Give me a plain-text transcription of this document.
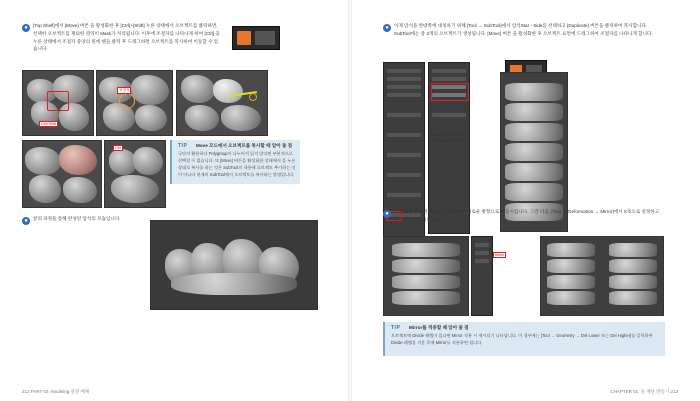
●	[Top Shelf]에서 [Move] 버튼 을 활성화한 후 [Ctrl]+[Shift] 누른 상태에서 오브젝트를 클릭하면, 선택한 오브젝트를 제외한 영역이 Mask가 처리됩니다. 이후에 조절자를 나타나게 하여 [Ctrl] 을 누른 상태에서 조절자 중앙의 원에 핸들 클릭 후 드래그하면 오브젝트를 복사하여 이동할 수 있습니다.
Ctrl+Shift
조절자
Ctrl	TIP Move 모드에서 오브젝트를 복사할 때 알아 둘 점
극단의 활용하다 Polygroup이 나누어져 있지 않다면 부분적으로 선택할 수 없습니다. 또 [Move] 버튼을 활성화한 상태에서 을 누른 상태로 복사를 하는 것은 SubTool의 내용에 오브젝트 추가하는 것이 아니라 현재의 SubTool에서 오브젝트를 복사하는 방법입니다.
●	앞의 과정을 통해 완성된 암석의 모습입니다.
212 PART 02. Modeling 실전 예제
●	이제 암석을 반대쪽에 대칭하기 위해 [Tool → SubTool]에서 암석Star - Side를 선택하고 [Duplicate] 버튼을 클릭하여 복사합니다. SubTool에는 총 2개의 오브젝트가 생성됩니다. [Move] 버튼 을 활성화한 후 오브젝트 표면에 드래그하여 조절자를 나타나게 합니다.
Duplicate로 복사되어 총 2개의 SubTool이 생성됨.
●	조절자 중앙의 원에 점을 드래그하여 새로운 방향으로 이동시킵니다. 그런 다음, [Tool → Deformation → Mirror]에서 X축으로 설정하고 클릭하여 반전시킵니다.
Mirror
TIP Mirror를 적용할 때 알아 둘 점
오브젝트에 Divide 레벨이 있다면 Mirror 적용 시 제시되기 나타납니다. 이 경우에는 [Tool → Geometry → Del Lower 또는 Del Higher]를 클릭하여 Divide 레벨을 지운 후에 Mirror를 적용하면 됩니다.
CHAPTER 01. 돌 계단 만들기 213
